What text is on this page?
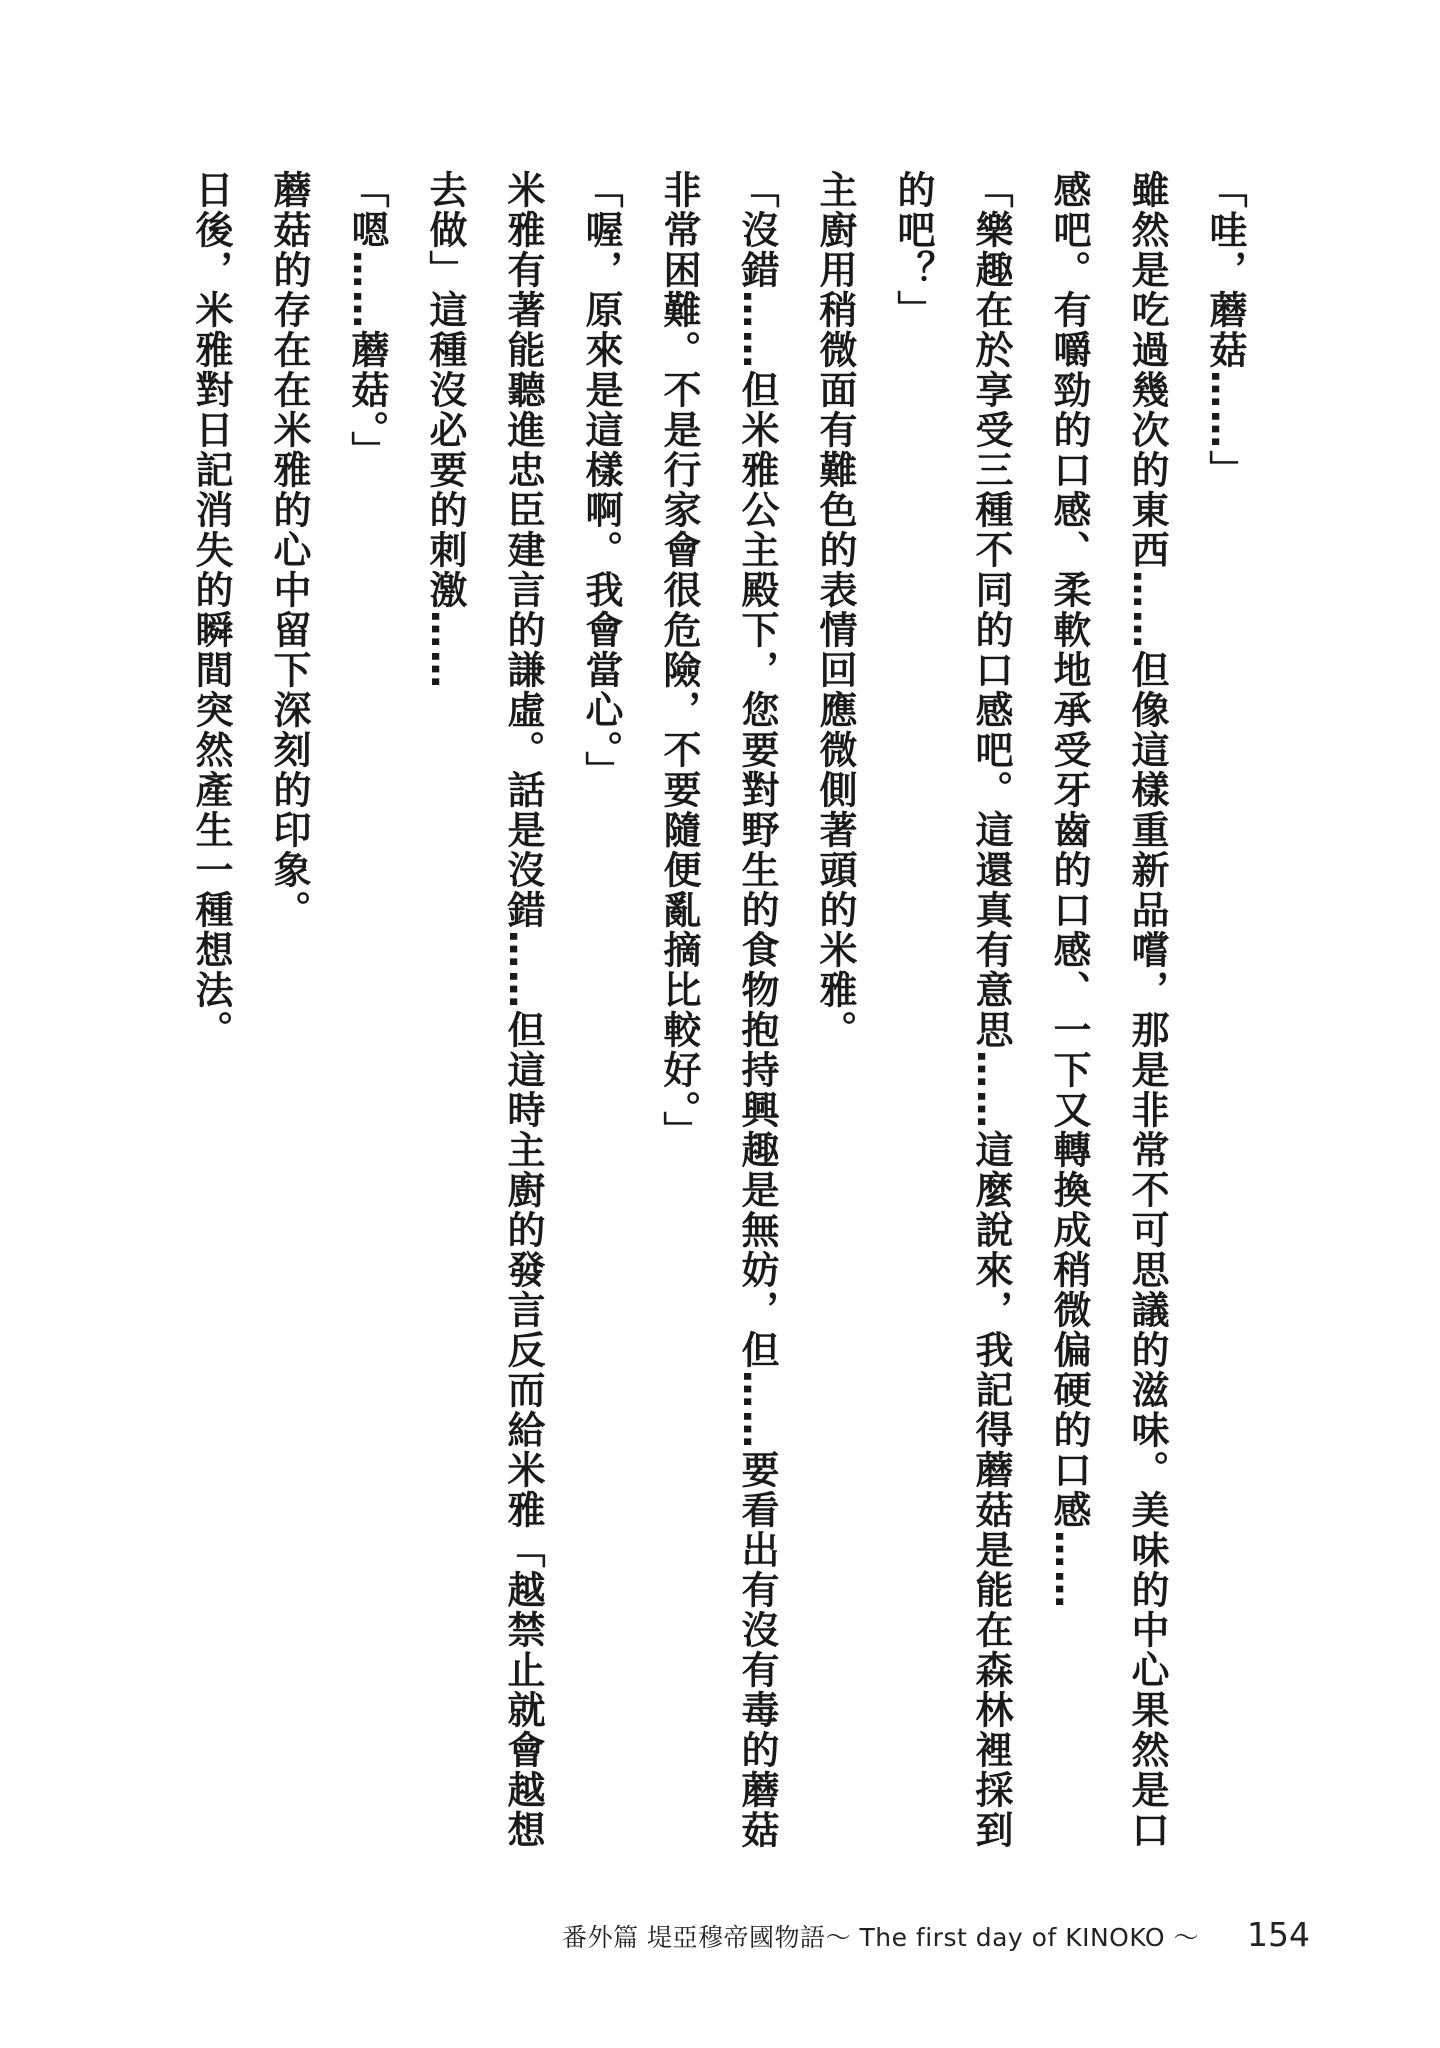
「哇，蘑菇……」

雖然是吃過幾次的東西……但像這樣重新品嚐，那是非常不可思議的滋味。美味的中心果然是口感吧。有嚼勁的口感、柔軟地承受牙齒的口感、一下又轉換成稍微偏硬的口感……

「樂趣在於享受三種不同的口感吧。這還真有意思……這麼說來，我記得蘑菇是能在森林裡採到的吧？」

主廚用稍微面有難色的表情回應微側著頭的米雅。

「沒錯……但米雅公主殿下，您要對野生的食物抱持興趣是無妨，但……要看出有沒有毒的蘑菇非常困難。不是行家會很危險，不要隨便亂摘比較好。」

「喔，原來是這樣啊。我會當心。」

米雅有著能聽進忠臣建言的謙虛。話是沒錯……但這時主廚的發言反而給米雅「越禁止就會越想去做」這種沒必要的刺激……

「嗯……蘑菇。」

蘑菇的存在在米雅的心中留下深刻的印象。

日後，米雅對日記消失的瞬間突然產生一種想法。

番外篇 堤亞穆帝國物語～ The first day of KINOKO ～ 154
